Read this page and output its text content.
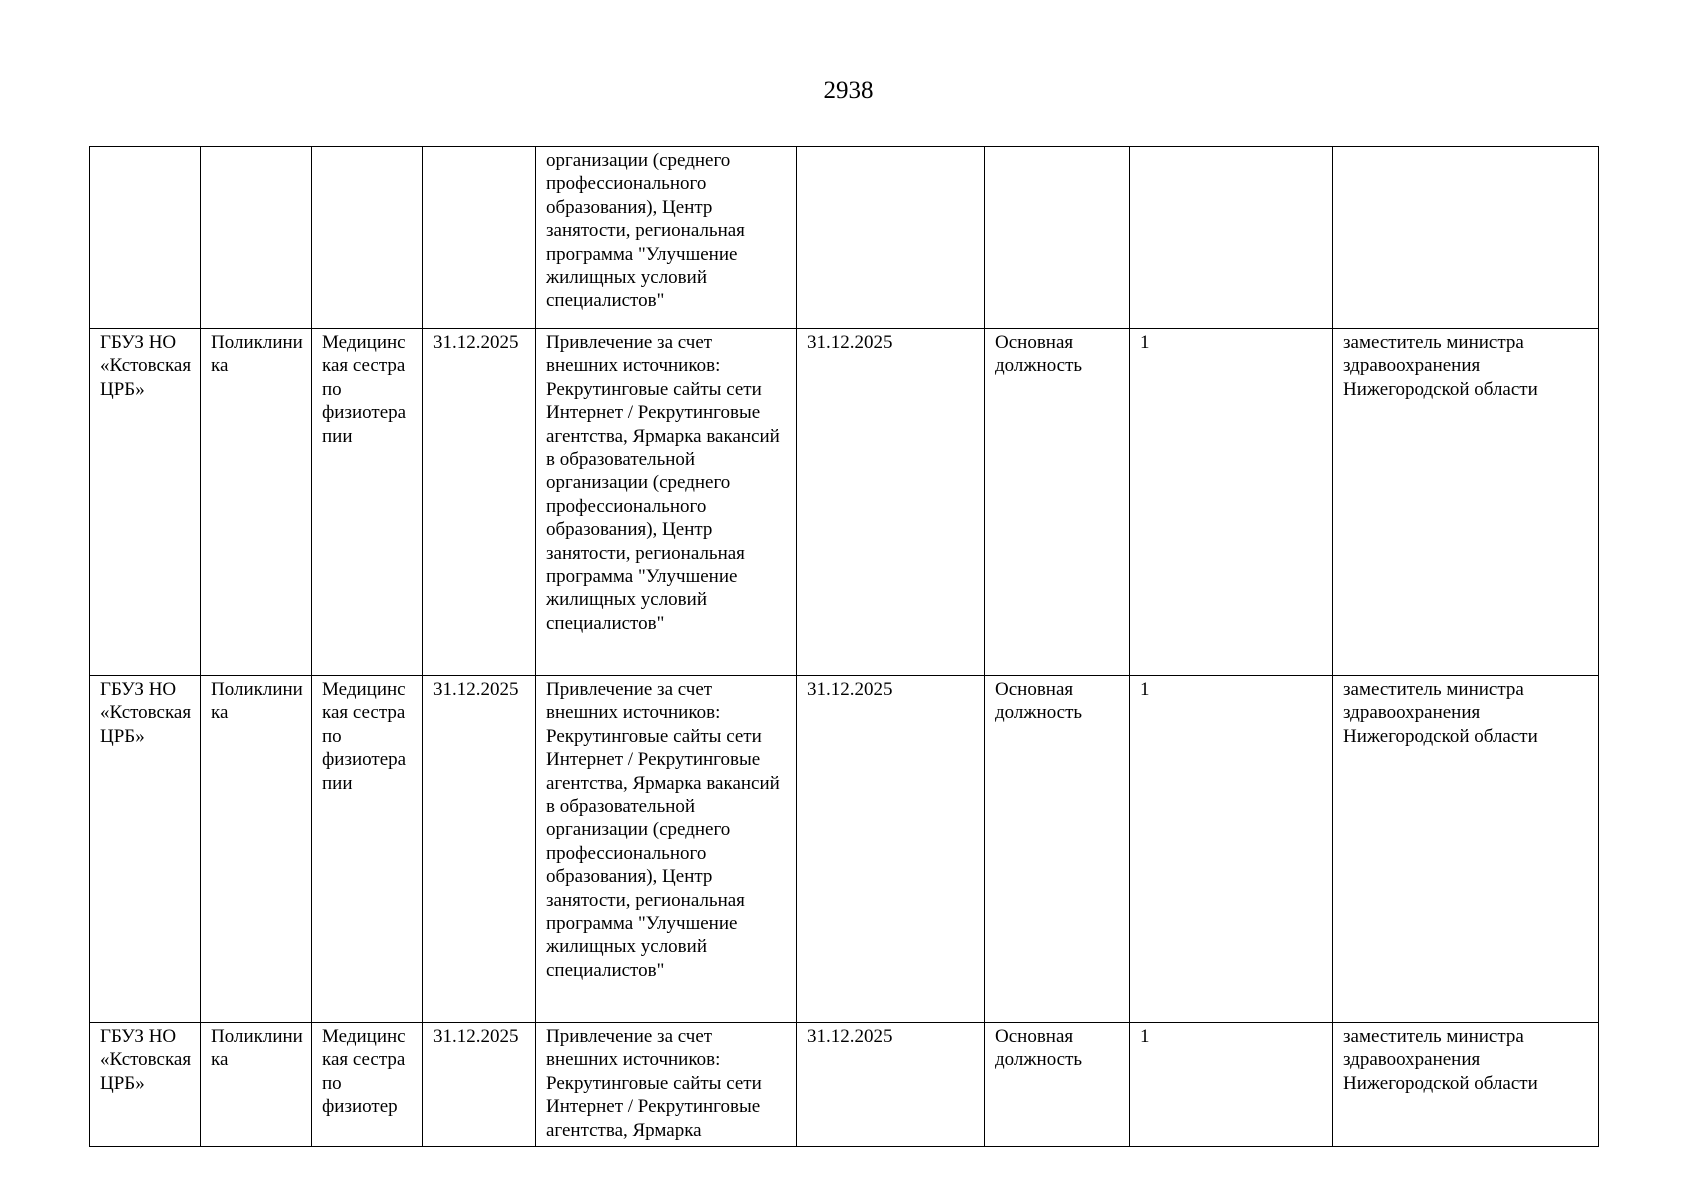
2938

				организации (среднего профессионального образования), Центр занятости, региональная программа "Улучшение жилищных условий специалистов"				

ГБУЗ НО «Кстовская ЦРБ»	Поликлиника	Медицинская сестра по физиотерапии	31.12.2025	Привлечение за счет внешних источников: Рекрутинговые сайты сети Интернет / Рекрутинговые агентства, Ярмарка вакансий в образовательной организации (среднего профессионального образования), Центр занятости, региональная программа "Улучшение жилищных условий специалистов"	31.12.2025	Основная должность	1	заместитель министра здравоохранения Нижегородской области

ГБУЗ НО «Кстовская ЦРБ»	Поликлиника	Медицинская сестра по физиотерапии	31.12.2025	Привлечение за счет внешних источников: Рекрутинговые сайты сети Интернет / Рекрутинговые агентства, Ярмарка вакансий в образовательной организации (среднего профессионального образования), Центр занятости, региональная программа "Улучшение жилищных условий специалистов"	31.12.2025	Основная должность	1	заместитель министра здравоохранения Нижегородской области

ГБУЗ НО «Кстовская ЦРБ»	Поликлиника	Медицинская сестра по физиотер	31.12.2025	Привлечение за счет внешних источников: Рекрутинговые сайты сети Интернет / Рекрутинговые агентства, Ярмарка	31.12.2025	Основная должность	1	заместитель министра здравоохранения Нижегородской области
